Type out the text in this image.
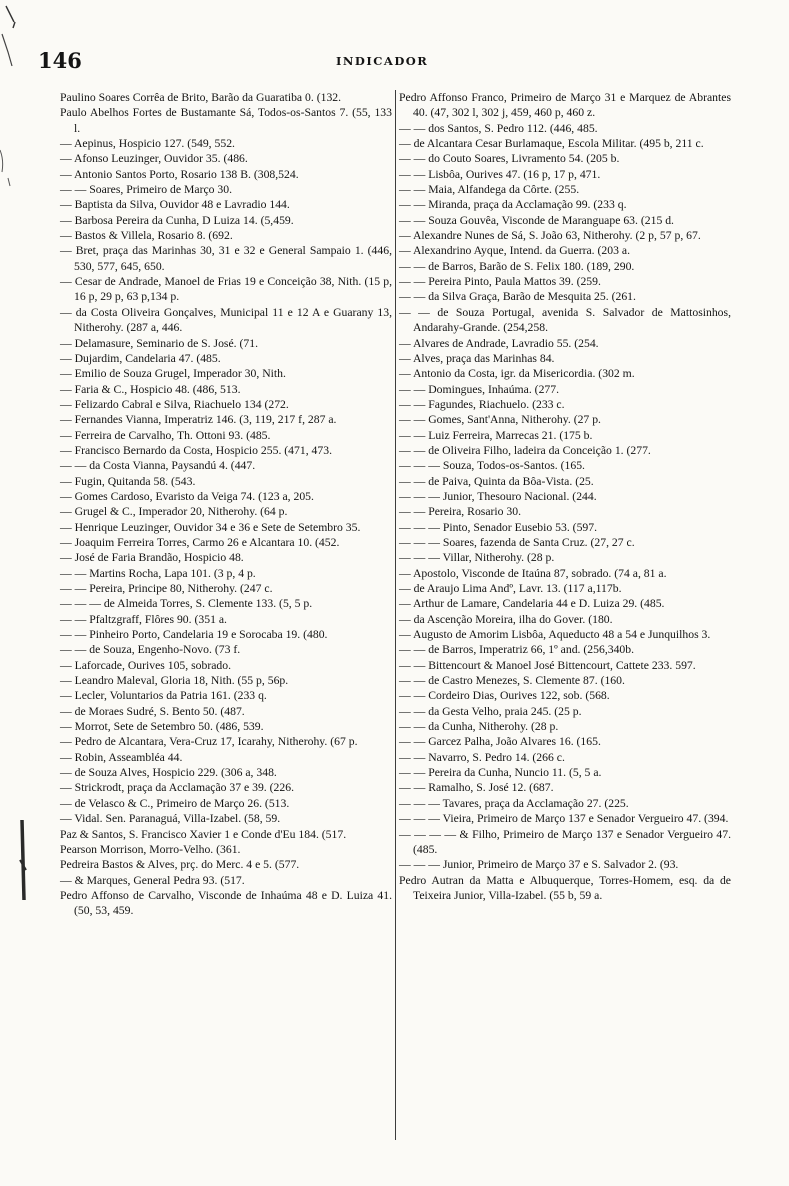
146	INDICADOR
Paulino Soares Corrêa de Brito, Barão da Guaratiba 0. (132.
Paulo Abelhos Fortes de Bustamante Sá, Todos-os-Santos 7. (55, 133 l.
— Aepinus, Hospicio 127. (549, 552.
— Afonso Leuzinger, Ouvidor 35. (486.
— Antonio Santos Porto, Rosario 138 B. (308,524.
— — Soares, Primeiro de Março 30.
— Baptista da Silva, Ouvidor 48 e Lavradio 144.
— Barbosa Pereira da Cunha, D Luiza 14. (5,459.
— Bastos & Villela, Rosario 8. (692.
— Bret, praça das Marinhas 30, 31 e 32 e General Sampaio 1. (446, 530, 577, 645, 650.
— Cesar de Andrade, Manoel de Frias 19 e Conceição 38, Nith. (15 p, 16 p, 29 p, 63 p,134 p.
— da Costa Oliveira Gonçalves, Municipal 11 e 12 A e Guarany 13, Nitherohy. (287 a, 446.
— Delamasure, Seminario de S. José. (71.
— Dujardim, Candelaria 47. (485.
— Emilio de Souza Grugel, Imperador 30, Nith.
— Faria & C., Hospicio 48. (486, 513.
— Felizardo Cabral e Silva, Riachuelo 134 (272.
— Fernandes Vianna, Imperatriz 146. (3, 119, 217 f, 287 a.
— Ferreira de Carvalho, Th. Ottoni 93. (485.
— Francisco Bernardo da Costa, Hospicio 255. (471, 473.
— — da Costa Vianna, Paysandú 4. (447.
— Fugin, Quitanda 58. (543.
— Gomes Cardoso, Evaristo da Veiga 74. (123 a, 205.
— Grugel & C., Imperador 20, Nitherohy. (64 p.
— Henrique Leuzinger, Ouvidor 34 e 36 e Sete de Setembro 35.
— Joaquim Ferreira Torres, Carmo 26 e Alcantara 10. (452.
— José de Faria Brandão, Hospicio 48.
— — Martins Rocha, Lapa 101. (3 p, 4 p.
— — Pereira, Principe 80, Nitherohy. (247 c.
— — — de Almeida Torres, S. Clemente 133. (5, 5 p.
— — Pfaltzgraff, Flôres 90. (351 a.
— — Pinheiro Porto, Candelaria 19 e Sorocaba 19. (480.
— — de Souza, Engenho-Novo. (73 f.
— Laforcade, Ourives 105, sobrado.
— Leandro Maleval, Gloria 18, Nith. (55 p, 56p.
— Lecler, Voluntarios da Patria 161. (233 q.
— de Moraes Sudré, S. Bento 50. (487.
— Morrot, Sete de Setembro 50. (486, 539.
— Pedro de Alcantara, Vera-Cruz 17, Icarahy, Nitherohy. (67 p.
— Robin, Asseambléa 44.
— de Souza Alves, Hospicio 229. (306 a, 348.
— Strickrodt, praça da Acclamação 37 e 39. (226.
— de Velasco & C., Primeiro de Março 26. (513.
— Vidal. Sen. Paranaguá, Villa-Izabel. (58, 59.
Paz & Santos, S. Francisco Xavier 1 e Conde d'Eu 184. (517.
Pearson Morrison, Morro-Velho. (361.
Pedreira Bastos & Alves, prç. do Merc. 4 e 5. (577.
— & Marques, General Pedra 93. (517.
Pedro Affonso de Carvalho, Visconde de Inhaúma 48 e D. Luiza 41. (50, 53, 459.
Pedro Affonso Franco, Primeiro de Março 31 e Marquez de Abrantes 40. (47, 302 l, 302 j, 459, 460 p, 460 z.
— — dos Santos, S. Pedro 112. (446, 485.
— de Alcantara Cesar Burlamaque, Escola Militar. (495 b, 211 c.
— — do Couto Soares, Livramento 54. (205 b.
— — Lisbôa, Ourives 47. (16 p, 17 p, 471.
— — Maia, Alfandega da Côrte. (255.
— — Miranda, praça da Acclamação 99. (233 q.
— — Souza Gouvêa, Visconde de Maranguape 63. (215 d.
— Alexandre Nunes de Sá, S. João 63, Nitherohy. (2 p, 57 p, 67.
— Alexandrino Ayque, Intend. da Guerra. (203 a.
— — de Barros, Barão de S. Felix 180. (189, 290.
— — Pereira Pinto, Paula Mattos 39. (259.
— — da Silva Graça, Barão de Mesquita 25. (261.
— — de Souza Portugal, avenida S. Salvador de Mattosinhos, Andarahy-Grande. (254,258.
— Alvares de Andrade, Lavradio 55. (254.
— Alves, praça das Marinhas 84.
— Antonio da Costa, igr. da Misericordia. (302 m.
— — Domingues, Inhaúma. (277.
— — Fagundes, Riachuelo. (233 c.
— — Gomes, Sant'Anna, Nitherohy. (27 p.
— — Luiz Ferreira, Marrecas 21. (175 b.
— — de Oliveira Filho, ladeira da Conceição 1. (277.
— — — Souza, Todos-os-Santos. (165.
— — de Paiva, Quinta da Bôa-Vista. (25.
— — — Junior, Thesouro Nacional. (244.
— — Pereira, Rosario 30.
— — — Pinto, Senador Eusebio 53. (597.
— — — Soares, fazenda de Santa Cruz. (27, 27 c.
— — — Villar, Nitherohy. (28 p.
— Apostolo, Visconde de Itaúna 87, sobrado. (74 a, 81 a.
— de Araujo Lima Andº, Lavr. 13. (117 a,117b.
— Arthur de Lamare, Candelaria 44 e D. Luiza 29. (485.
— da Ascenção Moreira, ilha do Gover. (180.
— Augusto de Amorim Lisbôa, Aqueducto 48 a 54 e Junquilhos 3.
— — de Barros, Imperatriz 66, 1º and. (256,340b.
— — Bittencourt & Manoel José Bittencourt, Cattete 233. 597.
— — de Castro Menezes, S. Clemente 87. (160.
— — Cordeiro Dias, Ourives 122, sob. (568.
— — da Gesta Velho, praia 245. (25 p.
— — da Cunha, Nitherohy. (28 p.
— — Garcez Palha, João Alvares 16. (165.
— — Navarro, S. Pedro 14. (266 c.
— — Pereira da Cunha, Nuncio 11. (5, 5 a.
— — Ramalho, S. José 12. (687.
— — — Tavares, praça da Acclamação 27. (225.
— — — Vieira, Primeiro de Março 137 e Senador Vergueiro 47. (394.
— — — — & Filho, Primeiro de Março 137 e Senador Vergueiro 47. (485.
— — — Junior, Primeiro de Março 37 e S. Salvador 2. (93.
Pedro Autran da Matta e Albuquerque, Torres-Homem, esq. da de Teixeira Junior, Villa-Izabel. (55 b, 59 a.
